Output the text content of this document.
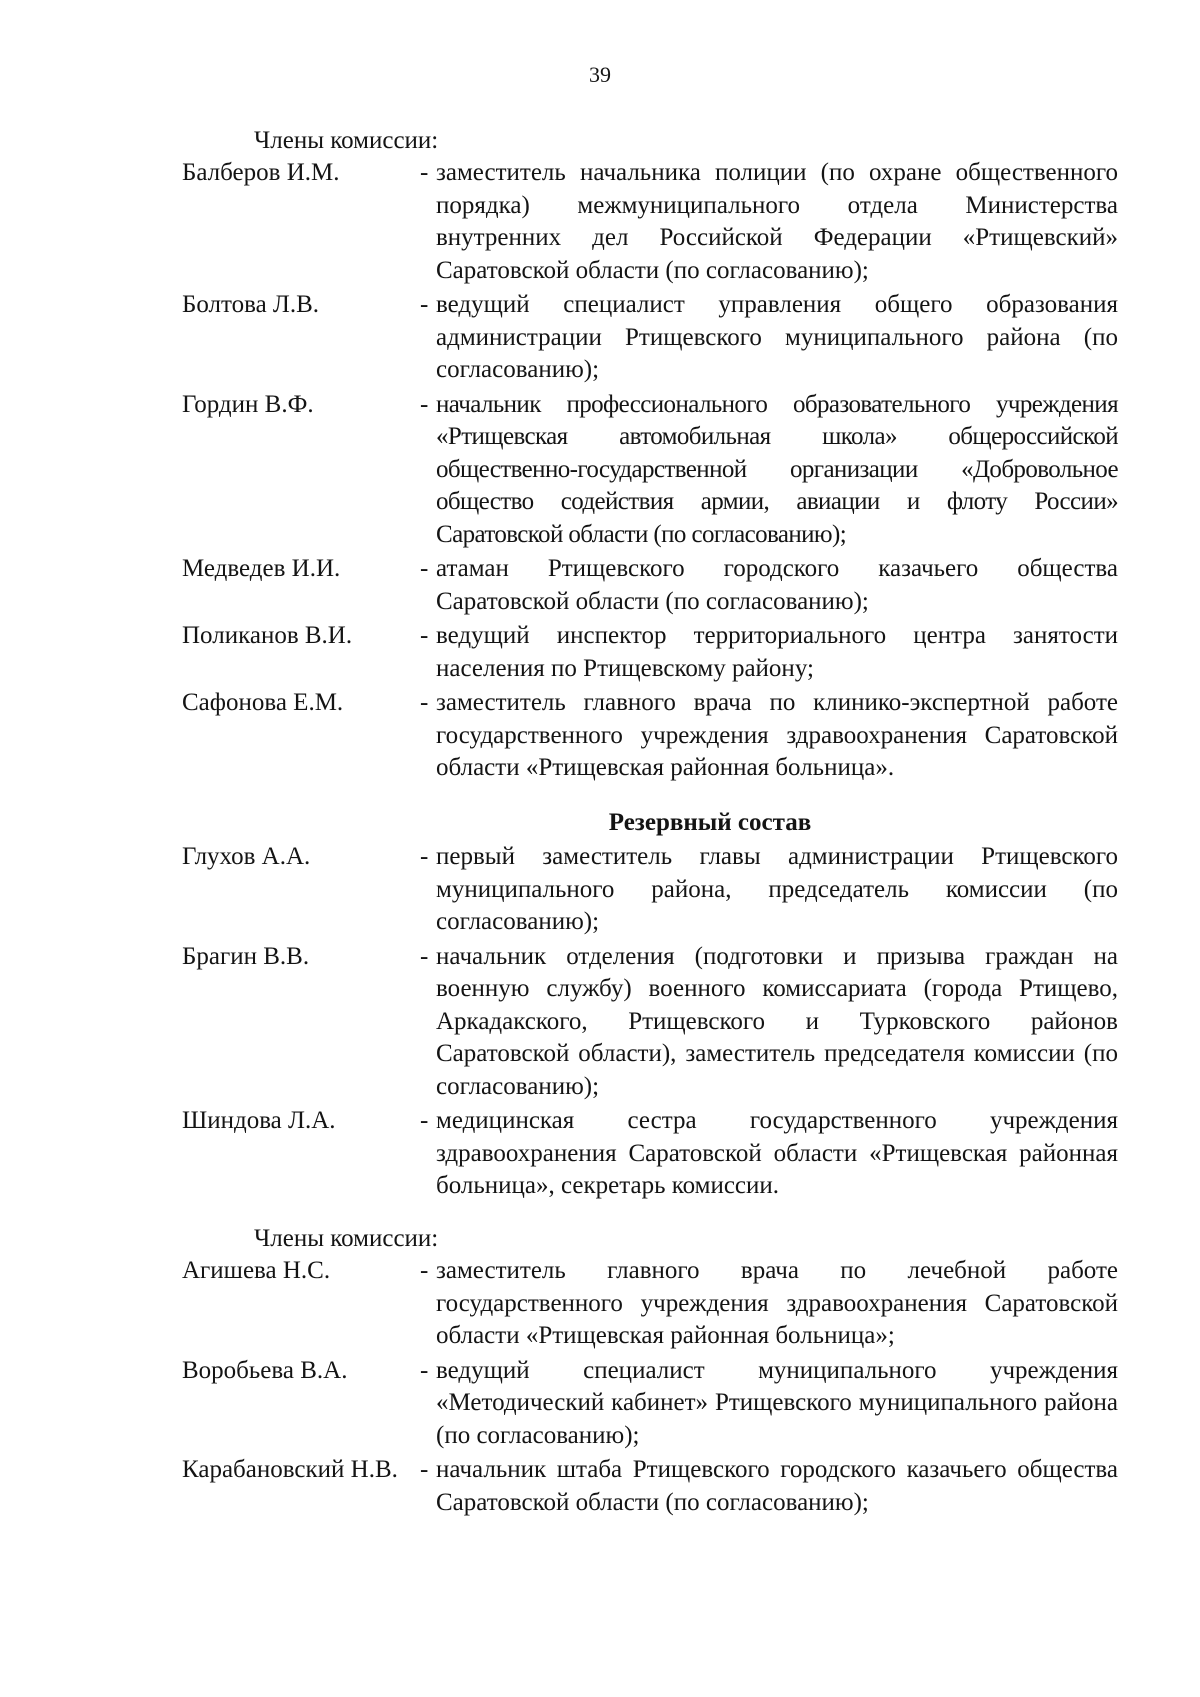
39
Члены комиссии:
Балберов И.М.	- заместитель начальника полиции (по охране общественного порядка) межмуниципального отдела Министерства внутренних дел Российской Федерации «Ртищевский» Саратовской области (по согласованию);
Болтова Л.В.	- ведущий специалист управления общего образования администрации Ртищевского муниципального района (по согласованию);
Гордин В.Ф.	- начальник профессионального образовательного учреждения «Ртищевская автомобильная школа» общероссийской общественно-государственной организации «Добровольное общество содействия армии, авиации и флоту России» Саратовской области (по согласованию);
Медведев И.И.	- атаман Ртищевского городского казачьего общества Саратовской области (по согласованию);
Поликанов В.И.	- ведущий инспектор территориального центра занятости населения по Ртищевскому району;
Сафонова Е.М.	- заместитель главного врача по клинико-экспертной работе государственного учреждения здравоохранения Саратовской области «Ртищевская районная больница».
Резервный состав
Глухов А.А.	- первый заместитель главы администрации Ртищевского муниципального района, председатель комиссии (по согласованию);
Брагин В.В.	- начальник отделения (подготовки и призыва граждан на военную службу) военного комиссариата (города Ртищево, Аркадакского, Ртищевского и Турковского районов Саратовской области), заместитель председателя комиссии (по согласованию);
Шиндова Л.А.	- медицинская сестра государственного учреждения здравоохранения Саратовской области «Ртищевская районная больница», секретарь комиссии.
Члены комиссии:
Агишева Н.С.	- заместитель главного врача по лечебной работе государственного учреждения здравоохранения Саратовской области «Ртищевская районная больница»;
Воробьева В.А.	- ведущий специалист муниципального учреждения «Методический кабинет» Ртищевского муниципального района (по согласованию);
Карабановский Н.В. - начальник штаба Ртищевского городского казачьего общества Саратовской области (по согласованию);
